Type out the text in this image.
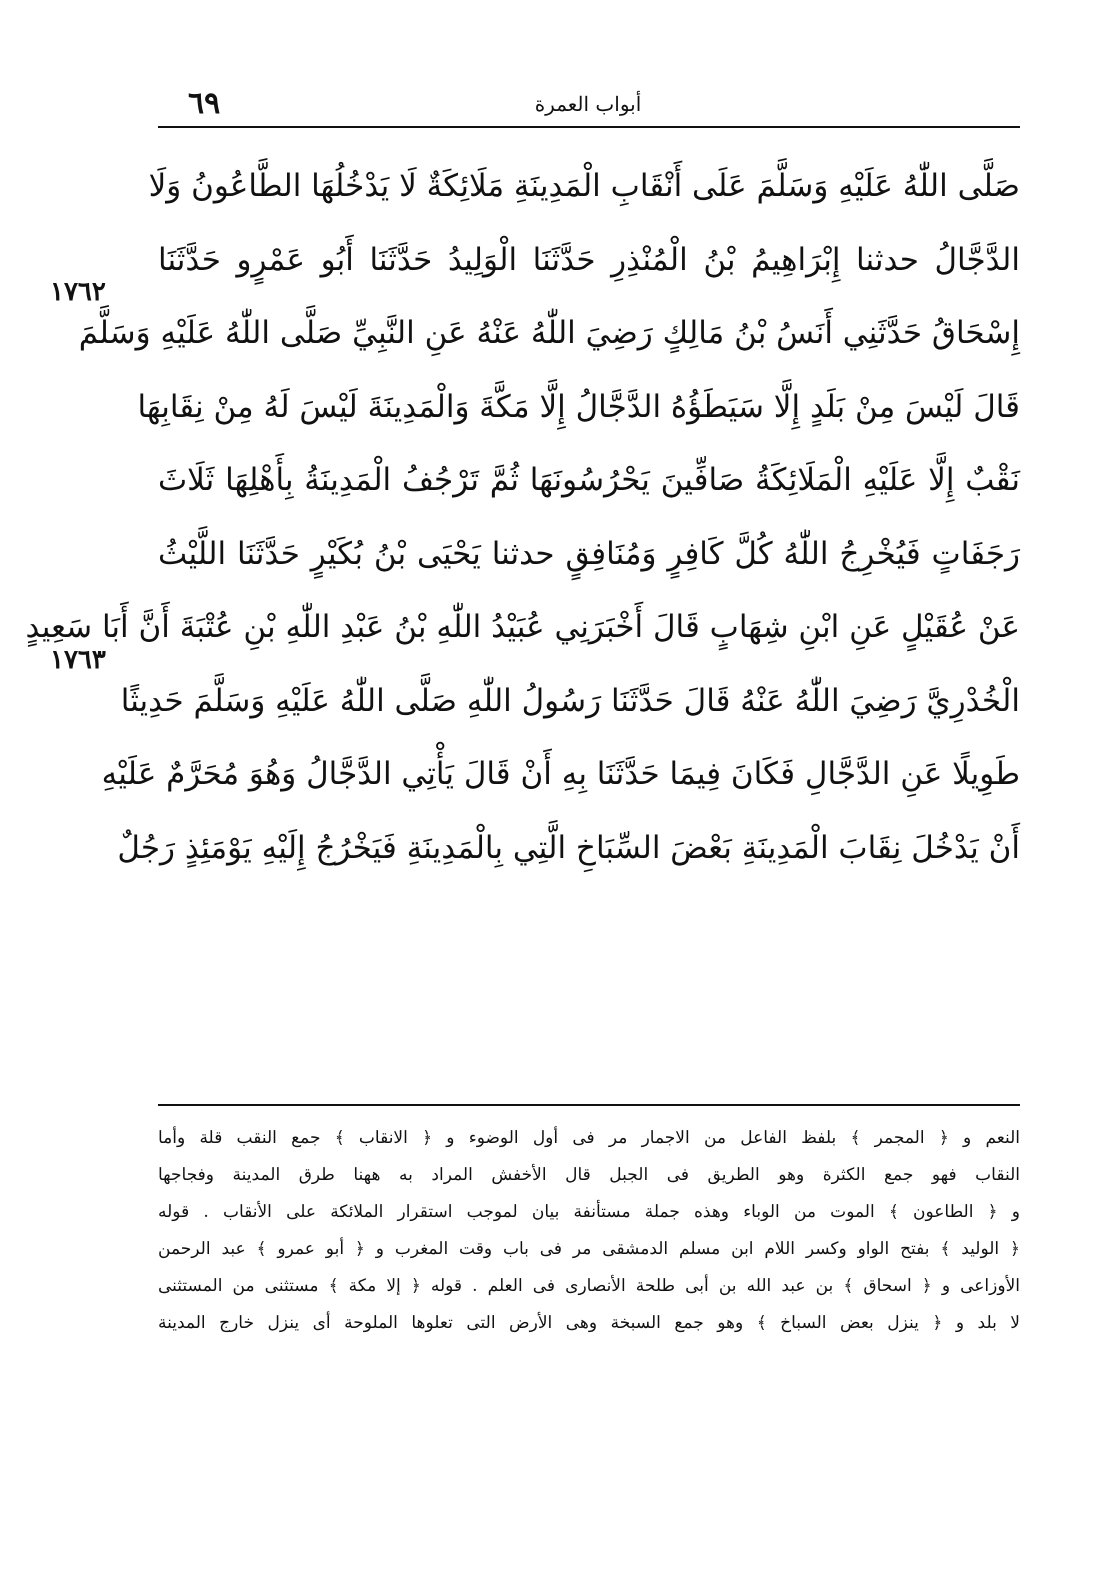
٦٩	أبواب العمرة
١٧٦٢
١٧٦٣
صَلَّى اللّٰهُ عَلَيْهِ وَسَلَّمَ عَلَى أَنْقَابِ الْمَدِينَةِ مَلَائِكَةٌ لَا يَدْخُلُهَا الطَّاعُونُ وَلَا
الدَّجَّالُ حدثنا إِبْرَاهِيمُ بْنُ الْمُنْذِرِ حَدَّثَنَا الْوَلِيدُ حَدَّثَنَا أَبُو عَمْرٍو حَدَّثَنَا
إِسْحَاقُ حَدَّثَنِي أَنَسُ بْنُ مَالِكٍ رَضِيَ اللّٰهُ عَنْهُ عَنِ النَّبِيِّ صَلَّى اللّٰهُ عَلَيْهِ وَسَلَّمَ
قَالَ لَيْسَ مِنْ بَلَدٍ إِلَّا سَيَطَؤُهُ الدَّجَّالُ إِلَّا مَكَّةَ وَالْمَدِينَةَ لَيْسَ لَهُ مِنْ نِقَابِهَا
نَقْبٌ إِلَّا عَلَيْهِ الْمَلَائِكَةُ صَافِّينَ يَحْرُسُونَهَا ثُمَّ تَرْجُفُ الْمَدِينَةُ بِأَهْلِهَا ثَلَاثَ
رَجَفَاتٍ فَيُخْرِجُ اللّٰهُ كُلَّ كَافِرٍ وَمُنَافِقٍ حدثنا يَحْيَى بْنُ بُكَيْرٍ حَدَّثَنَا اللَّيْثُ
عَنْ عُقَيْلٍ عَنِ ابْنِ شِهَابٍ قَالَ أَخْبَرَنِي عُبَيْدُ اللّٰهِ بْنُ عَبْدِ اللّٰهِ بْنِ عُتْبَةَ أَنَّ أَبَا سَعِيدٍ
الْخُدْرِيَّ رَضِيَ اللّٰهُ عَنْهُ قَالَ حَدَّثَنَا رَسُولُ اللّٰهِ صَلَّى اللّٰهُ عَلَيْهِ وَسَلَّمَ حَدِيثًا
طَوِيلًا عَنِ الدَّجَّالِ فَكَانَ فِيمَا حَدَّثَنَا بِهِ أَنْ قَالَ يَأْتِي الدَّجَّالُ وَهُوَ مُحَرَّمٌ عَلَيْهِ
أَنْ يَدْخُلَ نِقَابَ الْمَدِينَةِ بَعْضَ السِّبَاخِ الَّتِي بِالْمَدِينَةِ فَيَخْرُجُ إِلَيْهِ يَوْمَئِذٍ رَجُلٌ
النعم و ﴿ المجمر ﴾ بلفظ الفاعل من الاجمار مر فى أول الوضوء و ﴿ الانقاب ﴾ جمع النقب قلة وأما
النقاب فهو جمع الكثرة وهو الطريق فى الجبل قال الأخفش المراد به ههنا طرق المدينة وفجاجها
و ﴿ الطاعون ﴾ الموت من الوباء وهذه جملة مستأنفة بيان لموجب استقرار الملائكة على الأنقاب . قوله
﴿ الوليد ﴾ بفتح الواو وكسر اللام ابن مسلم الدمشقى مر فى باب وقت المغرب و ﴿ أبو عمرو ﴾ عبد الرحمن
الأوزاعى و ﴿ اسحاق ﴾ بن عبد الله بن أبى طلحة الأنصارى فى العلم . قوله ﴿ إلا مكة ﴾ مستثنى من المستثنى
لا بلد و ﴿ ينزل بعض السباخ ﴾ وهو جمع السبخة وهى الأرض التى تعلوها الملوحة أى ينزل خارج المدينة
